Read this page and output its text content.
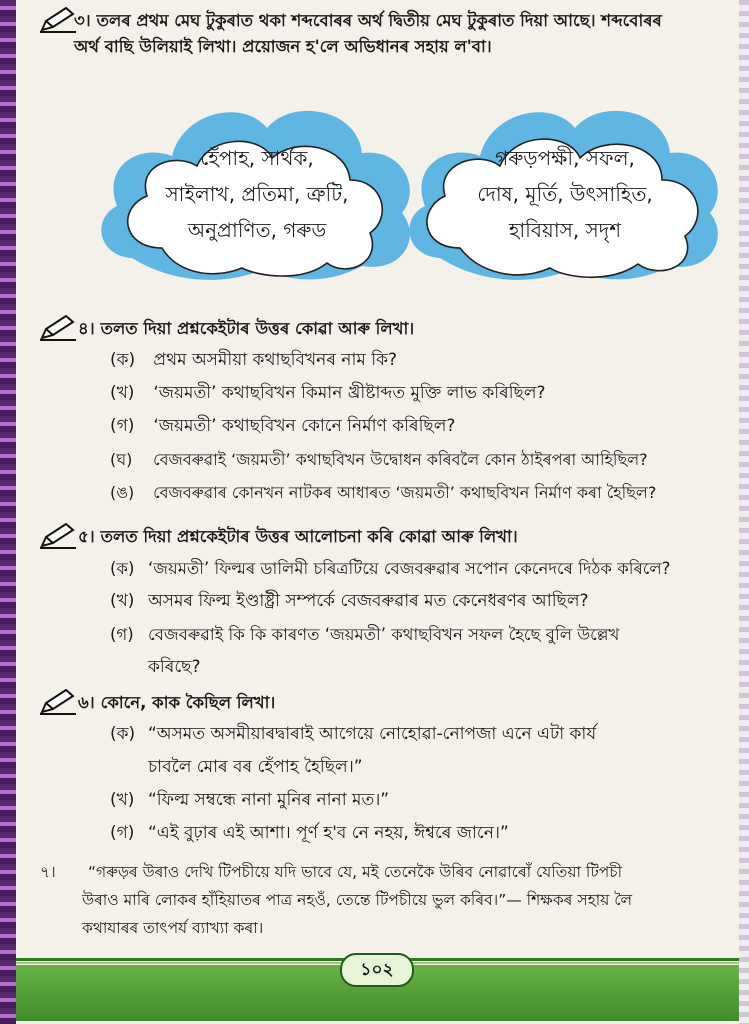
৩। তলৰ প্ৰথম মেঘ টুকুৰাত থকা শব্দবোৰৰ অৰ্থ দ্বিতীয় মেঘ টুকুৰাত দিয়া আছে। শব্দবোৰৰ
অৰ্থ বাছি উলিয়াই লিখা। প্ৰয়োজন হ'লে অভিধানৰ সহায় ল'বা।
হেঁপাহ, সাৰ্থক,
সাইলাখ, প্ৰতিমা, ত্ৰুটি,
অনুপ্ৰাণিত, গৰুড
গৰুড়পক্ষী, সফল,
দোষ, মূৰ্তি, উৎসাহিত,
হাবিয়াস, সদৃশ
৪। তলত দিয়া প্ৰশ্নকেইটাৰ উত্তৰ কোৱা আৰু লিখা।
(ক) প্ৰথম অসমীয়া কথাছবিখনৰ নাম কি?
(খ) ‘জয়মতী’ কথাছবিখন কিমান খ্ৰীষ্টাব্দত মুক্তি লাভ কৰিছিল?
(গ) ‘জয়মতী’ কথাছবিখন কোনে নিৰ্মাণ কৰিছিল?
(ঘ) বেজবৰুৱাই ‘জয়মতী’ কথাছবিখন উদ্বোধন কৰিবলৈ কোন ঠাইৰপৰা আহিছিল?
(ঙ) বেজবৰুৱাৰ কোনখন নাটকৰ আধাৰত ‘জয়মতী’ কথাছবিখন নিৰ্মাণ কৰা হৈছিল?
৫। তলত দিয়া প্ৰশ্নকেইটাৰ উত্তৰ আলোচনা কৰি কোৱা আৰু লিখা।
(ক) ‘জয়মতী’ ফিল্মৰ ডালিমী চৰিত্ৰটিয়ে বেজবৰুৱাৰ সপোন কেনেদৰে দিঠক কৰিলে?
(খ) অসমৰ ফিল্ম ইণ্ডাষ্ট্ৰী সম্পৰ্কে বেজবৰুৱাৰ মত কেনেধৰণৰ আছিল?
(গ) বেজবৰুৱাই কি কি কাৰণত ‘জয়মতী’ কথাছবিখন সফল হৈছে বুলি উল্লেখ
কৰিছে?
৬। কোনে, কাক কৈছিল লিখা।
(ক) “অসমত অসমীয়াৰদ্বাৰাই আগেয়ে নোহোৱা-নোপজা এনে এটা কাৰ্য
চাবলৈ মোৰ বৰ হেঁপাহ হৈছিল।”
(খ) “ফিল্ম সম্বন্ধে নানা মুনিৰ নানা মত।”
(গ) “এই বুঢ়াৰ এই আশা। পূৰ্ণ হ'ব নে নহয়, ঈশ্বৰে জানে।”
৭। “গৰুড়ৰ উৰাও দেখি টিপচীয়ে যদি ভাবে যে, মই তেনেকৈ উৰিব নোৱাৰোঁ যেতিয়া টিপচী
উৰাও মাৰি লোকৰ হাঁহিয়াতৰ পাত্ৰ নহওঁ, তেন্তে টিপচীয়ে ভুল কৰিব।”— শিক্ষকৰ সহায় লৈ
কথাযাৰৰ তাৎপৰ্য ব্যাখ্যা কৰা।
১০২
